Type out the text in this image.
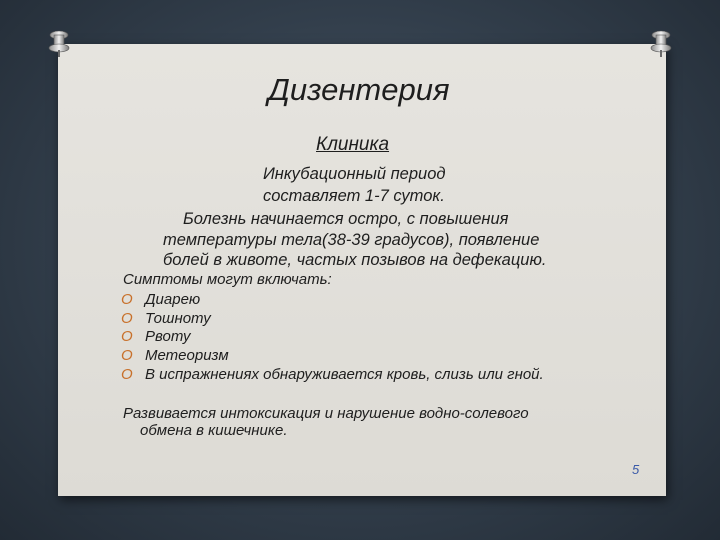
Дизентерия
Клиника
Инкубационный период
составляет 1-7 суток.
Болезнь начинается остро, с повышения
температуры тела(38-39 градусов), появление
болей в животе, частых позывов на дефекацию.
Симптомы могут включать:
O Диарею
O Тошноту
O Рвоту
O Метеоризм
O В испражнениях обнаруживается кровь, слизь или гной.
Развивается интоксикация и нарушение водно-солевого
обмена в кишечнике.
5
